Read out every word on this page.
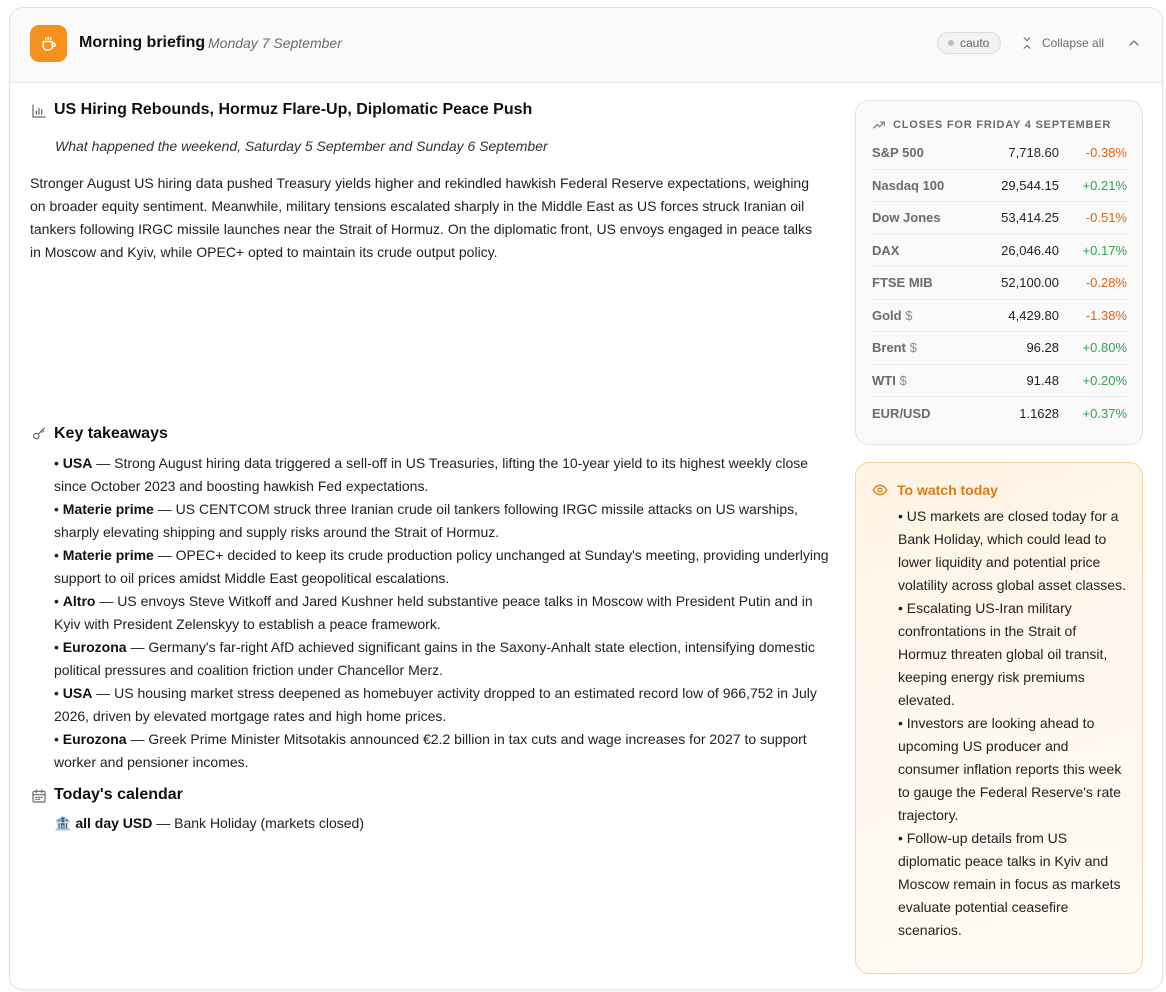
Morning briefing Monday 7 September	cauto	Collapse all
US Hiring Rebounds, Hormuz Flare-Up, Diplomatic Peace Push
What happened the weekend, Saturday 5 September and Sunday 6 September
Stronger August US hiring data pushed Treasury yields higher and rekindled hawkish Federal Reserve expectations, weighing on broader equity sentiment. Meanwhile, military tensions escalated sharply in the Middle East as US forces struck Iranian oil tankers following IRGC missile launches near the Strait of Hormuz. On the diplomatic front, US envoys engaged in peace talks in Moscow and Kyiv, while OPEC+ opted to maintain its crude output policy.
Key takeaways
• USA — Strong August hiring data triggered a sell-off in US Treasuries, lifting the 10-year yield to its highest weekly close since October 2023 and boosting hawkish Fed expectations.
• Materie prime — US CENTCOM struck three Iranian crude oil tankers following IRGC missile attacks on US warships, sharply elevating shipping and supply risks around the Strait of Hormuz.
• Materie prime — OPEC+ decided to keep its crude production policy unchanged at Sunday's meeting, providing underlying support to oil prices amidst Middle East geopolitical escalations.
• Altro — US envoys Steve Witkoff and Jared Kushner held substantive peace talks in Moscow with President Putin and in Kyiv with President Zelenskyy to establish a peace framework.
• Eurozona — Germany's far-right AfD achieved significant gains in the Saxony-Anhalt state election, intensifying domestic political pressures and coalition friction under Chancellor Merz.
• USA — US housing market stress deepened as homebuyer activity dropped to an estimated record low of 966,752 in July 2026, driven by elevated mortgage rates and high home prices.
• Eurozona — Greek Prime Minister Mitsotakis announced €2.2 billion in tax cuts and wage increases for 2027 to support worker and pensioner incomes.
Today's calendar
🏦 all day USD — Bank Holiday (markets closed)
CLOSES FOR FRIDAY 4 SEPTEMBER
S&P 500	7,718.60	-0.38%
Nasdaq 100	29,544.15	+0.21%
Dow Jones	53,414.25	-0.51%
DAX	26,046.40	+0.17%
FTSE MIB	52,100.00	-0.28%
Gold $	4,429.80	-1.38%
Brent $	96.28	+0.80%
WTI $	91.48	+0.20%
EUR/USD	1.1628	+0.37%
To watch today
• US markets are closed today for a Bank Holiday, which could lead to lower liquidity and potential price volatility across global asset classes.
• Escalating US-Iran military confrontations in the Strait of Hormuz threaten global oil transit, keeping energy risk premiums elevated.
• Investors are looking ahead to upcoming US producer and consumer inflation reports this week to gauge the Federal Reserve's rate trajectory.
• Follow-up details from US diplomatic peace talks in Kyiv and Moscow remain in focus as markets evaluate potential ceasefire scenarios.
